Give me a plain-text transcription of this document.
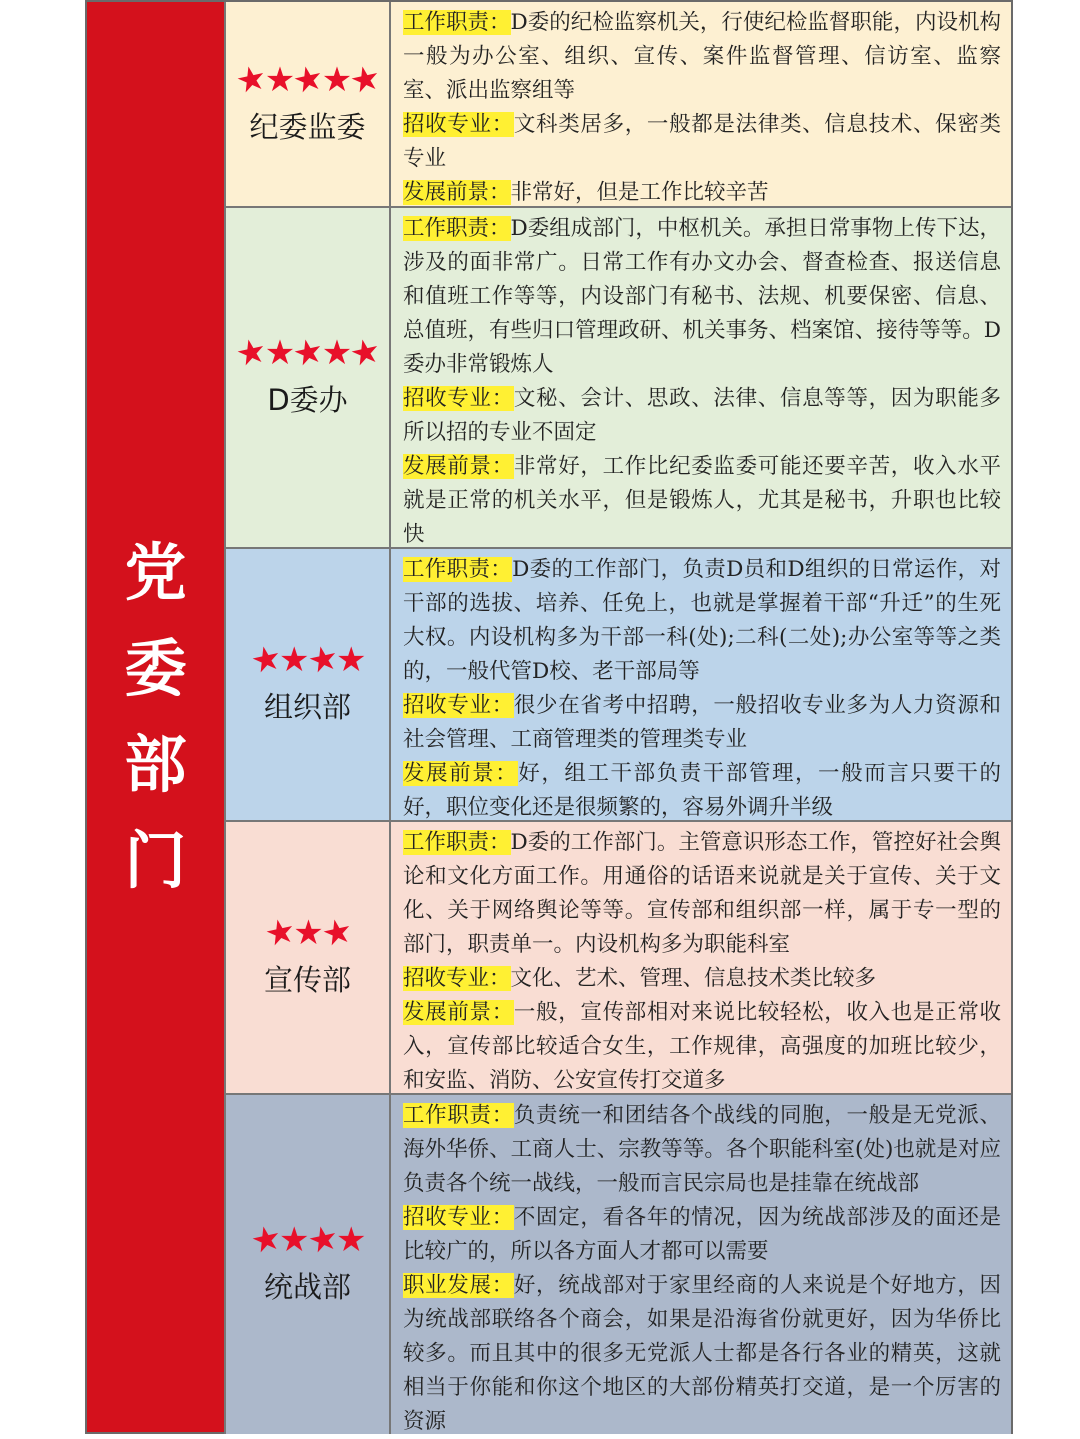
党
委
部
门
★★★★★
纪委监委

工作职责：D委的纪检监察机关，行使纪检监督职能，内设机构一般为办公室、组织、宣传、案件监督管理、信访室、监察室、派出监察组等

招收专业：文科类居多，一般都是法律类、信息技术、保密类专业

发展前景：非常好，但是工作比较辛苦

★★★★★
D委办

工作职责：D委组成部门，中枢机关。承担日常事物上传下达，涉及的面非常广。日常工作有办文办会、督查检查、报送信息和值班工作等等，内设部门有秘书、法规、机要保密、信息、总值班，有些归口管理政研、机关事务、档案馆、接待等等。D委办非常锻炼人

招收专业：文秘、会计、思政、法律、信息等等，因为职能多所以招的专业不固定

发展前景：非常好，工作比纪委监委可能还要辛苦，收入水平就是正常的机关水平，但是锻炼人，尤其是秘书，升职也比较快

★★★★
组织部

工作职责：D委的工作部门，负责D员和D组织的日常运作，对干部的选拔、培养、任免上，也就是掌握着干部“升迁”的生死大权。内设机构多为干部一科(处);二科(二处);办公室等等之类的，一般代管D校、老干部局等

招收专业：很少在省考中招聘，一般招收专业多为人力资源和社会管理、工商管理类的管理类专业

发展前景：好，组工干部负责干部管理，一般而言只要干的好，职位变化还是很频繁的，容易外调升半级

★★★
宣传部

工作职责：D委的工作部门。主管意识形态工作，管控好社会舆论和文化方面工作。用通俗的话语来说就是关于宣传、关于文化、关于网络舆论等等。宣传部和组织部一样，属于专一型的部门，职责单一。内设机构多为职能科室

招收专业：文化、艺术、管理、信息技术类比较多

发展前景：一般，宣传部相对来说比较轻松，收入也是正常收入，宣传部比较适合女生，工作规律，高强度的加班比较少，和安监、消防、公安宣传打交道多

★★★★
统战部

工作职责：负责统一和团结各个战线的同胞，一般是无党派、海外华侨、工商人士、宗教等等。各个职能科室(处)也就是对应负责各个统一战线，一般而言民宗局也是挂靠在统战部

招收专业：不固定，看各年的情况，因为统战部涉及的面还是比较广的，所以各方面人才都可以需要

职业发展：好，统战部对于家里经商的人来说是个好地方，因为统战部联络各个商会，如果是沿海省份就更好，因为华侨比较多。而且其中的很多无党派人士都是各行各业的精英，这就相当于你能和你这个地区的大部份精英打交道，是一个厉害的资源
